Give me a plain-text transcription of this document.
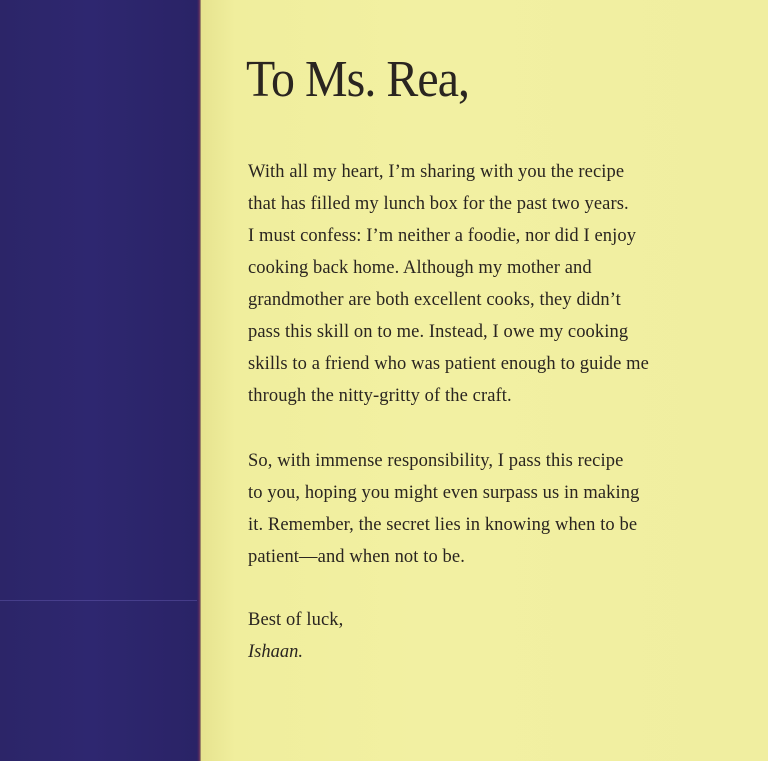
To Ms. Rea,

With all my heart, I’m sharing with you the recipe
that has filled my lunch box for the past two years.
I must confess: I’m neither a foodie, nor did I enjoy
cooking back home. Although my mother and
grandmother are both excellent cooks, they didn’t
pass this skill on to me. Instead, I owe my cooking
skills to a friend who was patient enough to guide me
through the nitty-gritty of the craft.

So, with immense responsibility, I pass this recipe
to you, hoping you might even surpass us in making
it. Remember, the secret lies in knowing when to be
patient—and when not to be.

Best of luck,

Ishaan.
